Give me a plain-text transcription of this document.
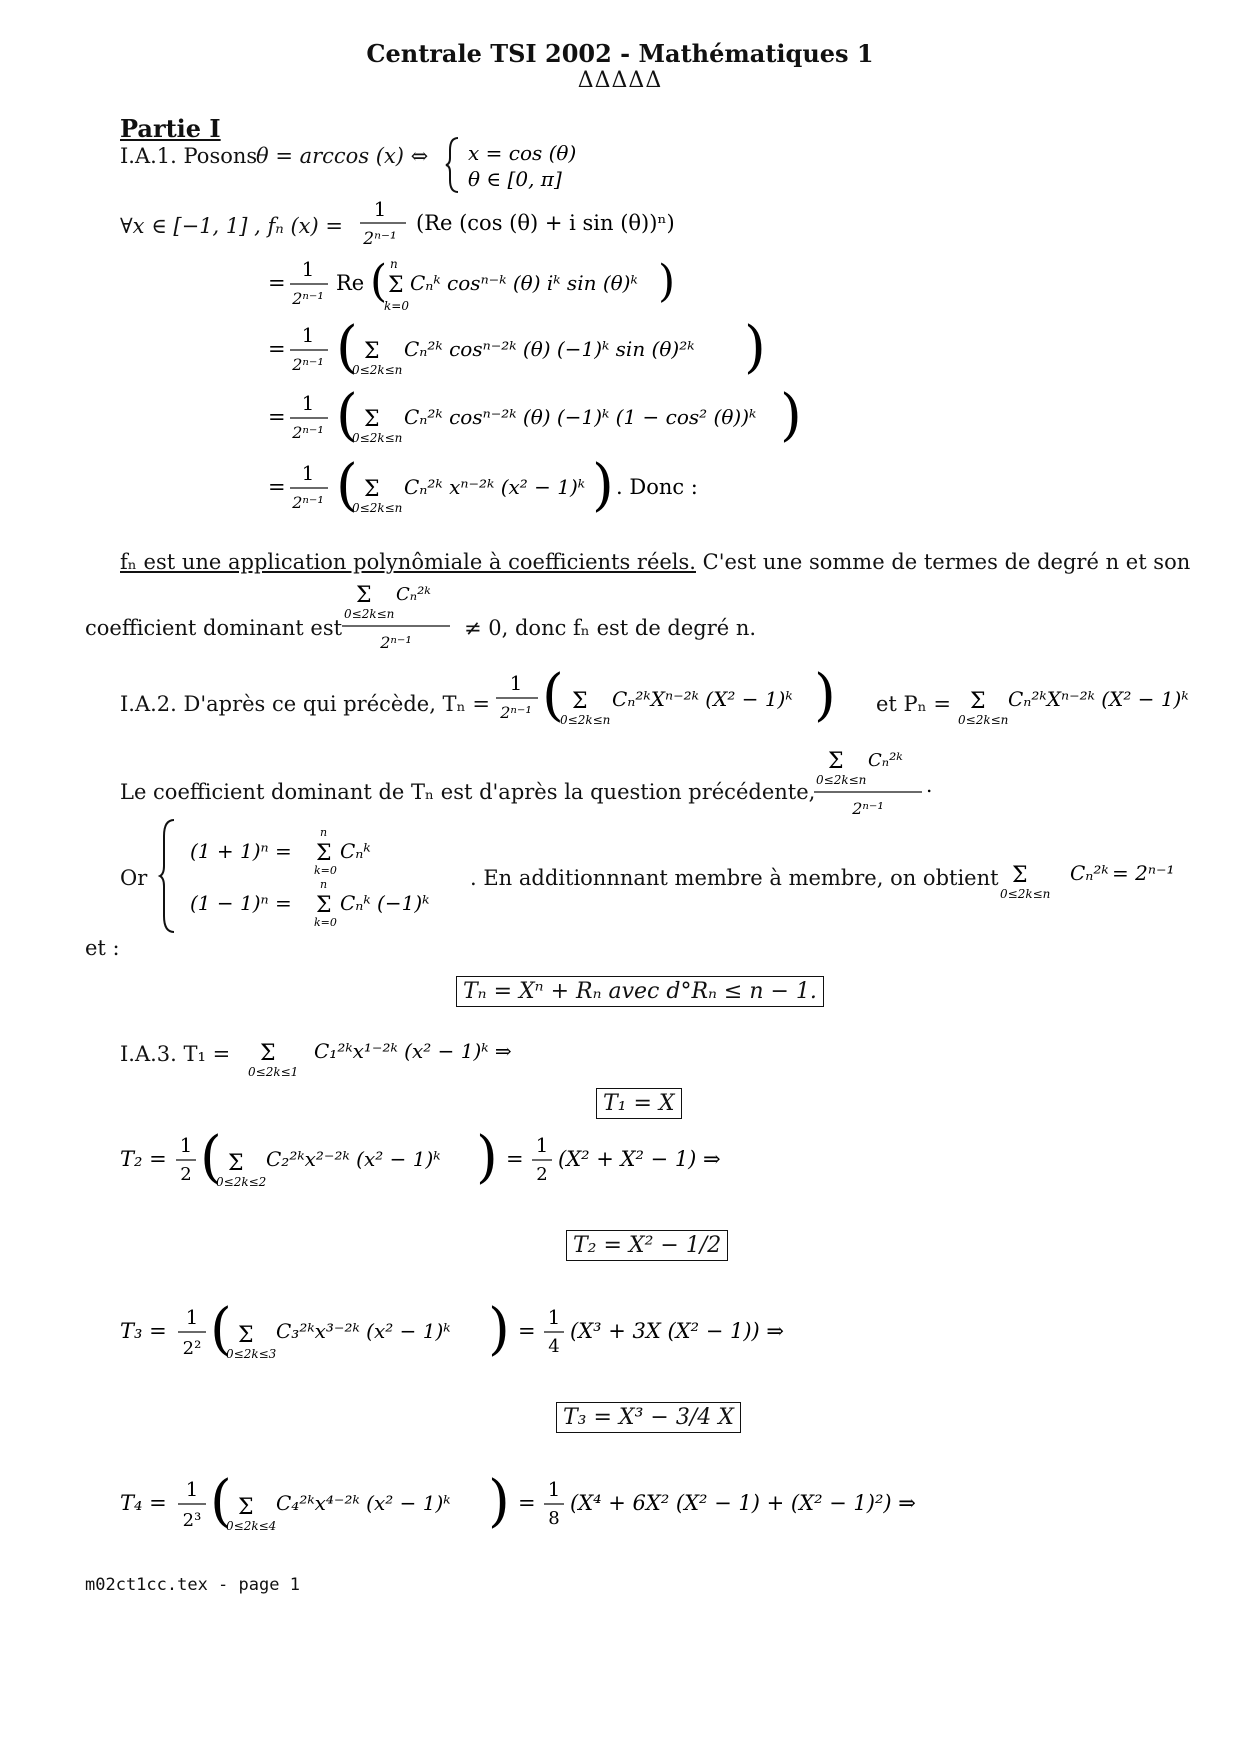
Centrale TSI 2002 - Mathématiques 1
ΔΔΔΔΔ
Partie I
I.A.1. Posons
θ = arccos (x) ⇔ x = cos (θ)
θ ∈ [0, π]
∀x ∈ [−1, 1] , fₙ (x) =
1
2ⁿ⁻¹
(Re (cos (θ) + i sin (θ))ⁿ)
=
1
2ⁿ⁻¹
Re ( Σ
n
k=0
Cₙᵏ cosⁿ⁻ᵏ (θ) iᵏ sin (θ)ᵏ )
=
1
2ⁿ⁻¹ ( Σ
0≤2k≤n
Cₙ²ᵏ cosⁿ⁻²ᵏ (θ) (−1)ᵏ sin (θ)²ᵏ )
=
1
2ⁿ⁻¹ ( Σ
0≤2k≤n
Cₙ²ᵏ cosⁿ⁻²ᵏ (θ) (−1)ᵏ (1 − cos² (θ))ᵏ )
=
1
2ⁿ⁻¹ ( Σ
0≤2k≤n
Cₙ²ᵏ xⁿ⁻²ᵏ (x² − 1)ᵏ ) . Donc :
fₙ est une application polynômiale à coefficients réels. C'est une somme de termes de degré n et son
coefficient dominant est
Σ
0≤2k≤n
Cₙ²ᵏ
2ⁿ⁻¹
≠ 0, donc fₙ est de degré n.
I.A.2. D'après ce qui précède, Tₙ =
1
2ⁿ⁻¹ ( Σ
0≤2k≤n
Cₙ²ᵏXⁿ⁻²ᵏ (X² − 1)ᵏ ) et Pₙ = Σ
0≤2k≤n
Cₙ²ᵏXⁿ⁻²ᵏ (X² − 1)ᵏ
Le coefficient dominant de Tₙ est d'après la question précédente,
Σ
0≤2k≤n
Cₙ²ᵏ
2ⁿ⁻¹
.
Or
(1 + 1)ⁿ = Σ
n
k=0
Cₙᵏ
(1 − 1)ⁿ = Σ
n
k=0
Cₙᵏ (−1)ᵏ
. En additionnnant membre à membre, on obtient Σ
0≤2k≤n
Cₙ²ᵏ = 2ⁿ⁻¹
et :
Tₙ = Xⁿ + Rₙ avec d°Rₙ ≤ n − 1.
I.A.3. T₁ = Σ
0≤2k≤1
C₁²ᵏx¹⁻²ᵏ (x² − 1)ᵏ ⇒
T₁ = X
T₂ =
1
2 ( Σ
0≤2k≤2
C₂²ᵏx²⁻²ᵏ (x² − 1)ᵏ ) =
1
2
(X² + X² − 1) ⇒
T₂ = X² − 1/2
T₃ =
1
2² ( Σ
0≤2k≤3
C₃²ᵏx³⁻²ᵏ (x² − 1)ᵏ ) =
1
4
(X³ + 3X (X² − 1)) ⇒
T₃ = X³ − 3/4 X
T₄ =
1
2³ ( Σ
0≤2k≤4
C₄²ᵏx⁴⁻²ᵏ (x² − 1)ᵏ ) =
1
8
(X⁴ + 6X² (X² − 1) + (X² − 1)²) ⇒
m02ct1cc.tex - page 1
